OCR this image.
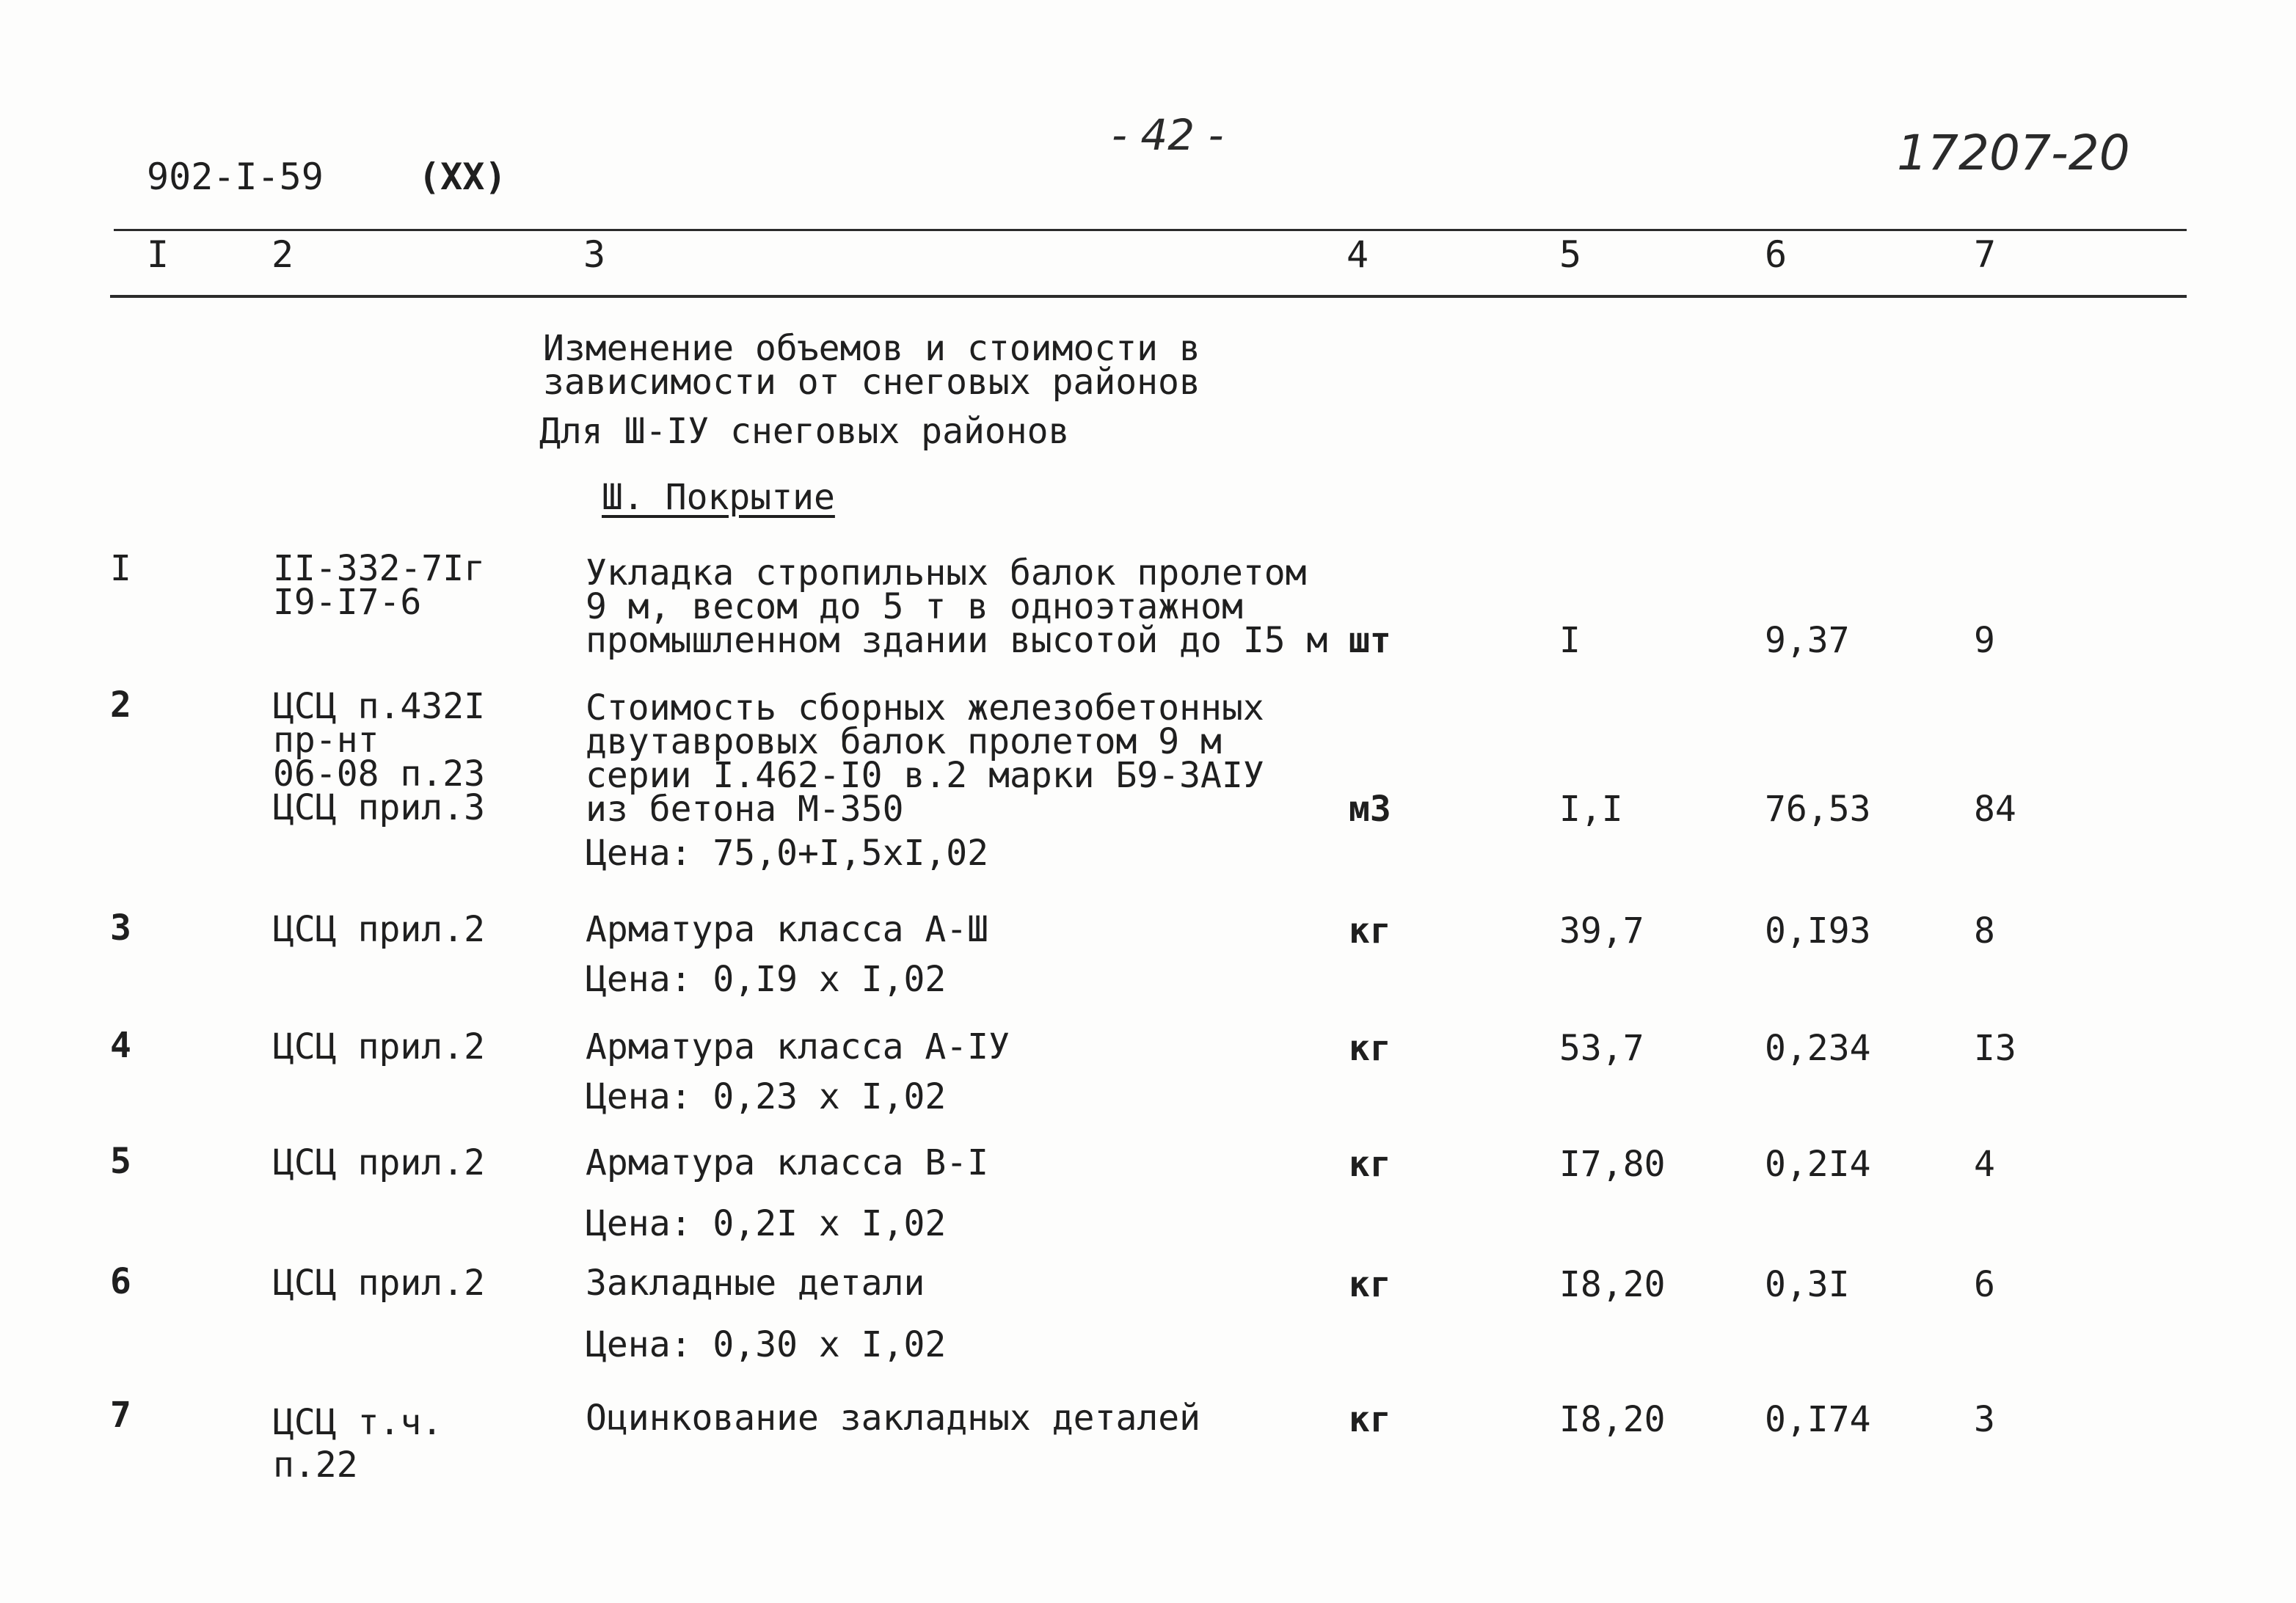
902-I-59	(XX)
- 42 -	17207-20
I	2	3	4	5	6	7
Изменение объемов и стоимости в
зависимости от снеговых районов
Для Ш-IУ снеговых районов
Ш. Покрытие
I	II-332-7Iг
I9-I7-6
Укладка стропильных балок пролетом
9 м, весом до 5 т в одноэтажном
промышленном здании высотой до I5 м шт	I	9,37	9
2	ЦСЦ п.432I
пр-нт
06-08 п.23
ЦСЦ прил.3
Стоимость сборных железобетонных
двутавровых балок пролетом 9 м
серии I.462-I0 в.2 марки Б9-3АIУ
из бетона М-350
Цена: 75,0+I,5хI,02
м3	I,I	76,53	84
3	ЦСЦ прил.2	Арматура класса А-Ш
Цена: 0,I9 х I,02
кг	39,7	0,I93	8
4	ЦСЦ прил.2	Арматура класса А-IУ
Цена: 0,23 х I,02
кг	53,7	0,234	I3
5	ЦСЦ прил.2	Арматура класса В-I
Цена: 0,2I х I,02
кг	I7,80	0,2I4	4
6	ЦСЦ прил.2	Закладные детали
Цена: 0,30 х I,02
кг	I8,20	0,3I	6
7	ЦСЦ т.ч.
п.22
Оцинкование закладных деталей	кг	I8,20	0,I74	3
